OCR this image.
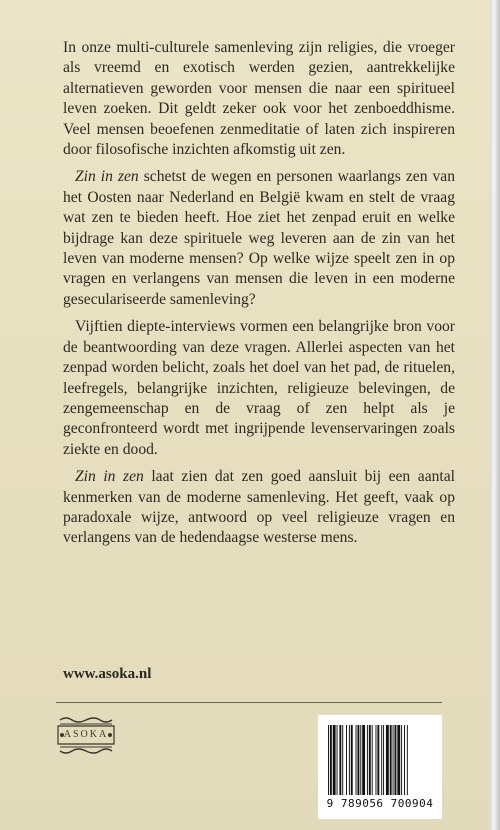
In onze multi-culturele samenleving zijn religies, die vroeger als vreemd en exotisch werden gezien, aantrekkelijke alternatieven geworden voor mensen die naar een spiritueel leven zoeken. Dit geldt zeker ook voor het zenboeddhisme. Veel mensen beoefenen zenmeditatie of laten zich inspireren door filosofische inzichten afkomstig uit zen.

Zin in zen schetst de wegen en personen waarlangs zen van het Oosten naar Nederland en België kwam en stelt de vraag wat zen te bieden heeft. Hoe ziet het zenpad eruit en welke bijdrage kan deze spirituele weg leveren aan de zin van het leven van moderne mensen? Op welke wijze speelt zen in op vragen en verlangens van mensen die leven in een moderne geseculariseerde samenleving?

Vijftien diepte-interviews vormen een belangrijke bron voor de beantwoording van deze vragen. Allerlei aspecten van het zenpad worden belicht, zoals het doel van het pad, de rituelen, leefregels, belangrijke inzichten, religieuze belevingen, de zengemeenschap en de vraag of zen helpt als je geconfronteerd wordt met ingrijpende levenservaringen zoals ziekte en dood.

Zin in zen laat zien dat zen goed aansluit bij een aantal kenmerken van de moderne samenleving. Het geeft, vaak op paradoxale wijze, antwoord op veel religieuze vragen en verlangens van de hedendaagse westerse mens.

www.asoka.nl
ASOKA
9 789056 700904
